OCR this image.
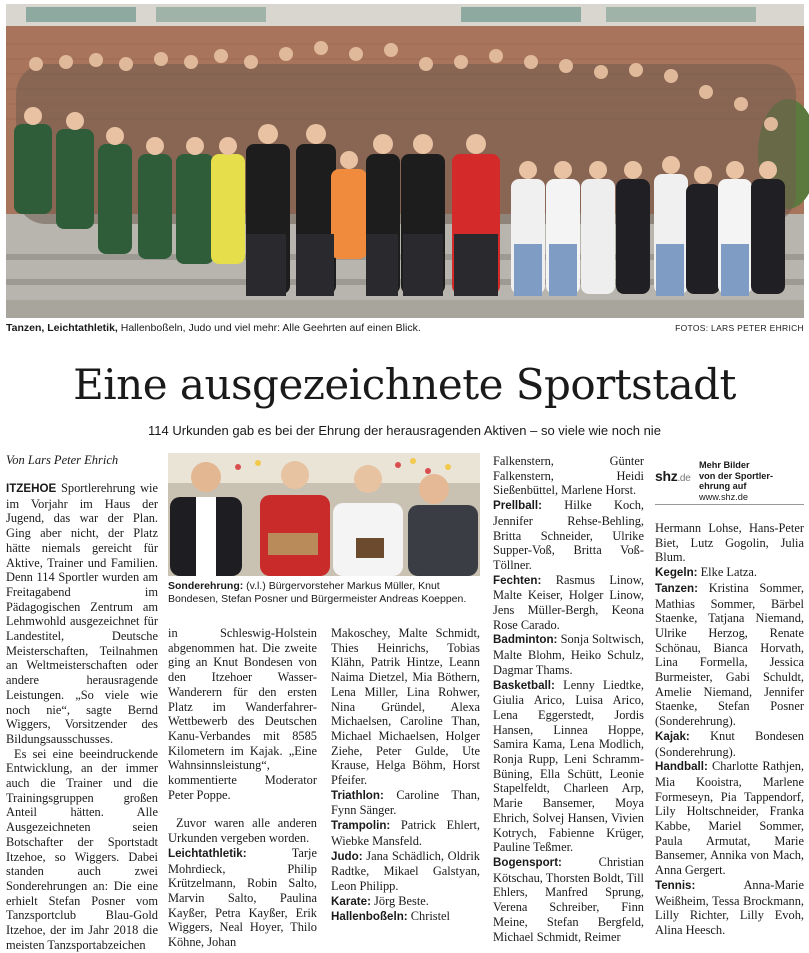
Tanzen, Leichtathletik, Hallenboßeln, Judo und viel mehr: Alle Geehrten auf einen Blick.	FOTOS: LARS PETER EHRICH
Eine ausgezeichnete Sportstadt
114 Urkunden gab es bei der Ehrung der herausragenden Aktiven – so viele wie noch nie
Von Lars Peter Ehrich

ITZEHOE Sportlerehrung wie im Vorjahr im Haus der Jugend, das war der Plan. Ging aber nicht, der Platz hätte niemals gereicht für Aktive, Trainer und Familien. Denn 114 Sportler wurden am Freitagabend im Pädagogischen Zentrum am Lehmwohld ausgezeichnet für Landestitel, Deutsche Meisterschaften, Teilnahmen an Weltmeisterschaften oder andere herausragende Leistungen. „So viele wie noch nie“, sagte Bernd Wiggers, Vorsitzender des Bildungsausschusses.

Es sei eine beeindruckende Entwicklung, an der immer auch die Trainer und die Trainingsgruppen großen Anteil hätten. Alle Ausgezeichneten seien Botschafter der Sportstadt Itzehoe, so Wiggers. Dabei standen auch zwei Sonderehrungen an: Die eine erhielt Stefan Posner vom Tanzsportclub Blau-Gold Itzehoe, der im Jahr 2018 die meisten Tanzsportabzeichen

Sonderehrung: (v.l.) Bürgervorsteher Markus Müller, Knut Bondesen, Stefan Posner und Bürgermeister Andreas Koeppen.

in Schleswig-Holstein abgenommen hat. Die zweite ging an Knut Bondesen von den Itzehoer Wasser-Wanderern für den ersten Platz im Wanderfahrer-Wettbewerb des Deutschen Kanu-Verbandes mit 8585 Kilometern im Kajak. „Eine Wahnsinnsleistung“, kommentierte Moderator Peter Poppe.

Zuvor waren alle anderen Urkunden vergeben worden.

Leichtathletik: Tarje Mohrdieck, Philip Krützelmann, Robin Salto, Marvin Salto, Paulina Kayßer, Petra Kayßer, Erik Wiggers, Neal Hoyer, Thilo Köhne, Johan

Makoschey, Malte Schmidt, Thies Heinrichs, Tobias Klähn, Patrik Hintze, Leann Naima Dietzel, Mia Böthern, Lena Miller, Lina Rohwer, Nina Gründel, Alexa Michaelsen, Caroline Than, Michael Michaelsen, Holger Ziehe, Peter Gulde, Ute Krause, Helga Böhm, Horst Pfeifer.

Triathlon: Caroline Than, Fynn Sänger.

Trampolin: Patrick Ehlert, Wiebke Mansfeld.

Judo: Jana Schädlich, Oldrik Radtke, Mikael Galstyan, Leon Philipp.

Karate: Jörg Beste.

Hallenboßeln: Christel

Falkenstern, Günter Falkenstern, Heidi Sießenbüttel, Marlene Horst.

Prellball: Hilke Koch, Jennifer Rehse-Behling, Britta Schneider, Ulrike Supper-Voß, Britta Voß-Töllner.

Fechten: Rasmus Linow, Malte Keiser, Holger Linow, Jens Müller-Bergh, Keona Rose Carado.

Badminton: Sonja Soltwisch, Malte Blohm, Heiko Schulz, Dagmar Thams.

Basketball: Lenny Liedtke, Giulia Arico, Luisa Arico, Lena Eggerstedt, Jordis Hansen, Linnea Hoppe, Samira Kama, Lena Modlich, Ronja Rupp, Leni Schramm-Büning, Ella Schütt, Leonie Stapelfeldt, Charleen Arp, Marie Bansemer, Moya Ehrich, Solvej Hansen, Vivien Kotrych, Fabienne Krüger, Pauline Teßmer.

Bogensport: Christian Kötschau, Thorsten Boldt, Till Ehlers, Manfred Sprung, Verena Schreiber, Finn Meine, Stefan Bergfeld, Michael Schmidt, Reimer

shz.de
Mehr Bilder
von der Sportler-
ehrung auf
www.shz.de

Hermann Lohse, Hans-Peter Biet, Lutz Gogolin, Julia Blum.

Kegeln: Elke Latza.

Tanzen: Kristina Sommer, Mathias Sommer, Bärbel Staenke, Tatjana Niemand, Ulrike Herzog, Renate Schönau, Bianca Horvath, Lina Formella, Jessica Burmeister, Gabi Schuldt, Amelie Niemand, Jennifer Staenke, Stefan Posner (Sonderehrung).

Kajak: Knut Bondesen (Sonderehrung).

Handball: Charlotte Rathjen, Mia Kooistra, Marlene Formeseyn, Pia Tappendorf, Lily Holtschneider, Franka Kabbe, Mariel Sommer, Paula Armutat, Marie Bansemer, Annika von Mach, Anna Gergert.

Tennis: Anna-Marie Weißheim, Tessa Brockmann, Lilly Richter, Lilly Evoh, Alina Heesch.
